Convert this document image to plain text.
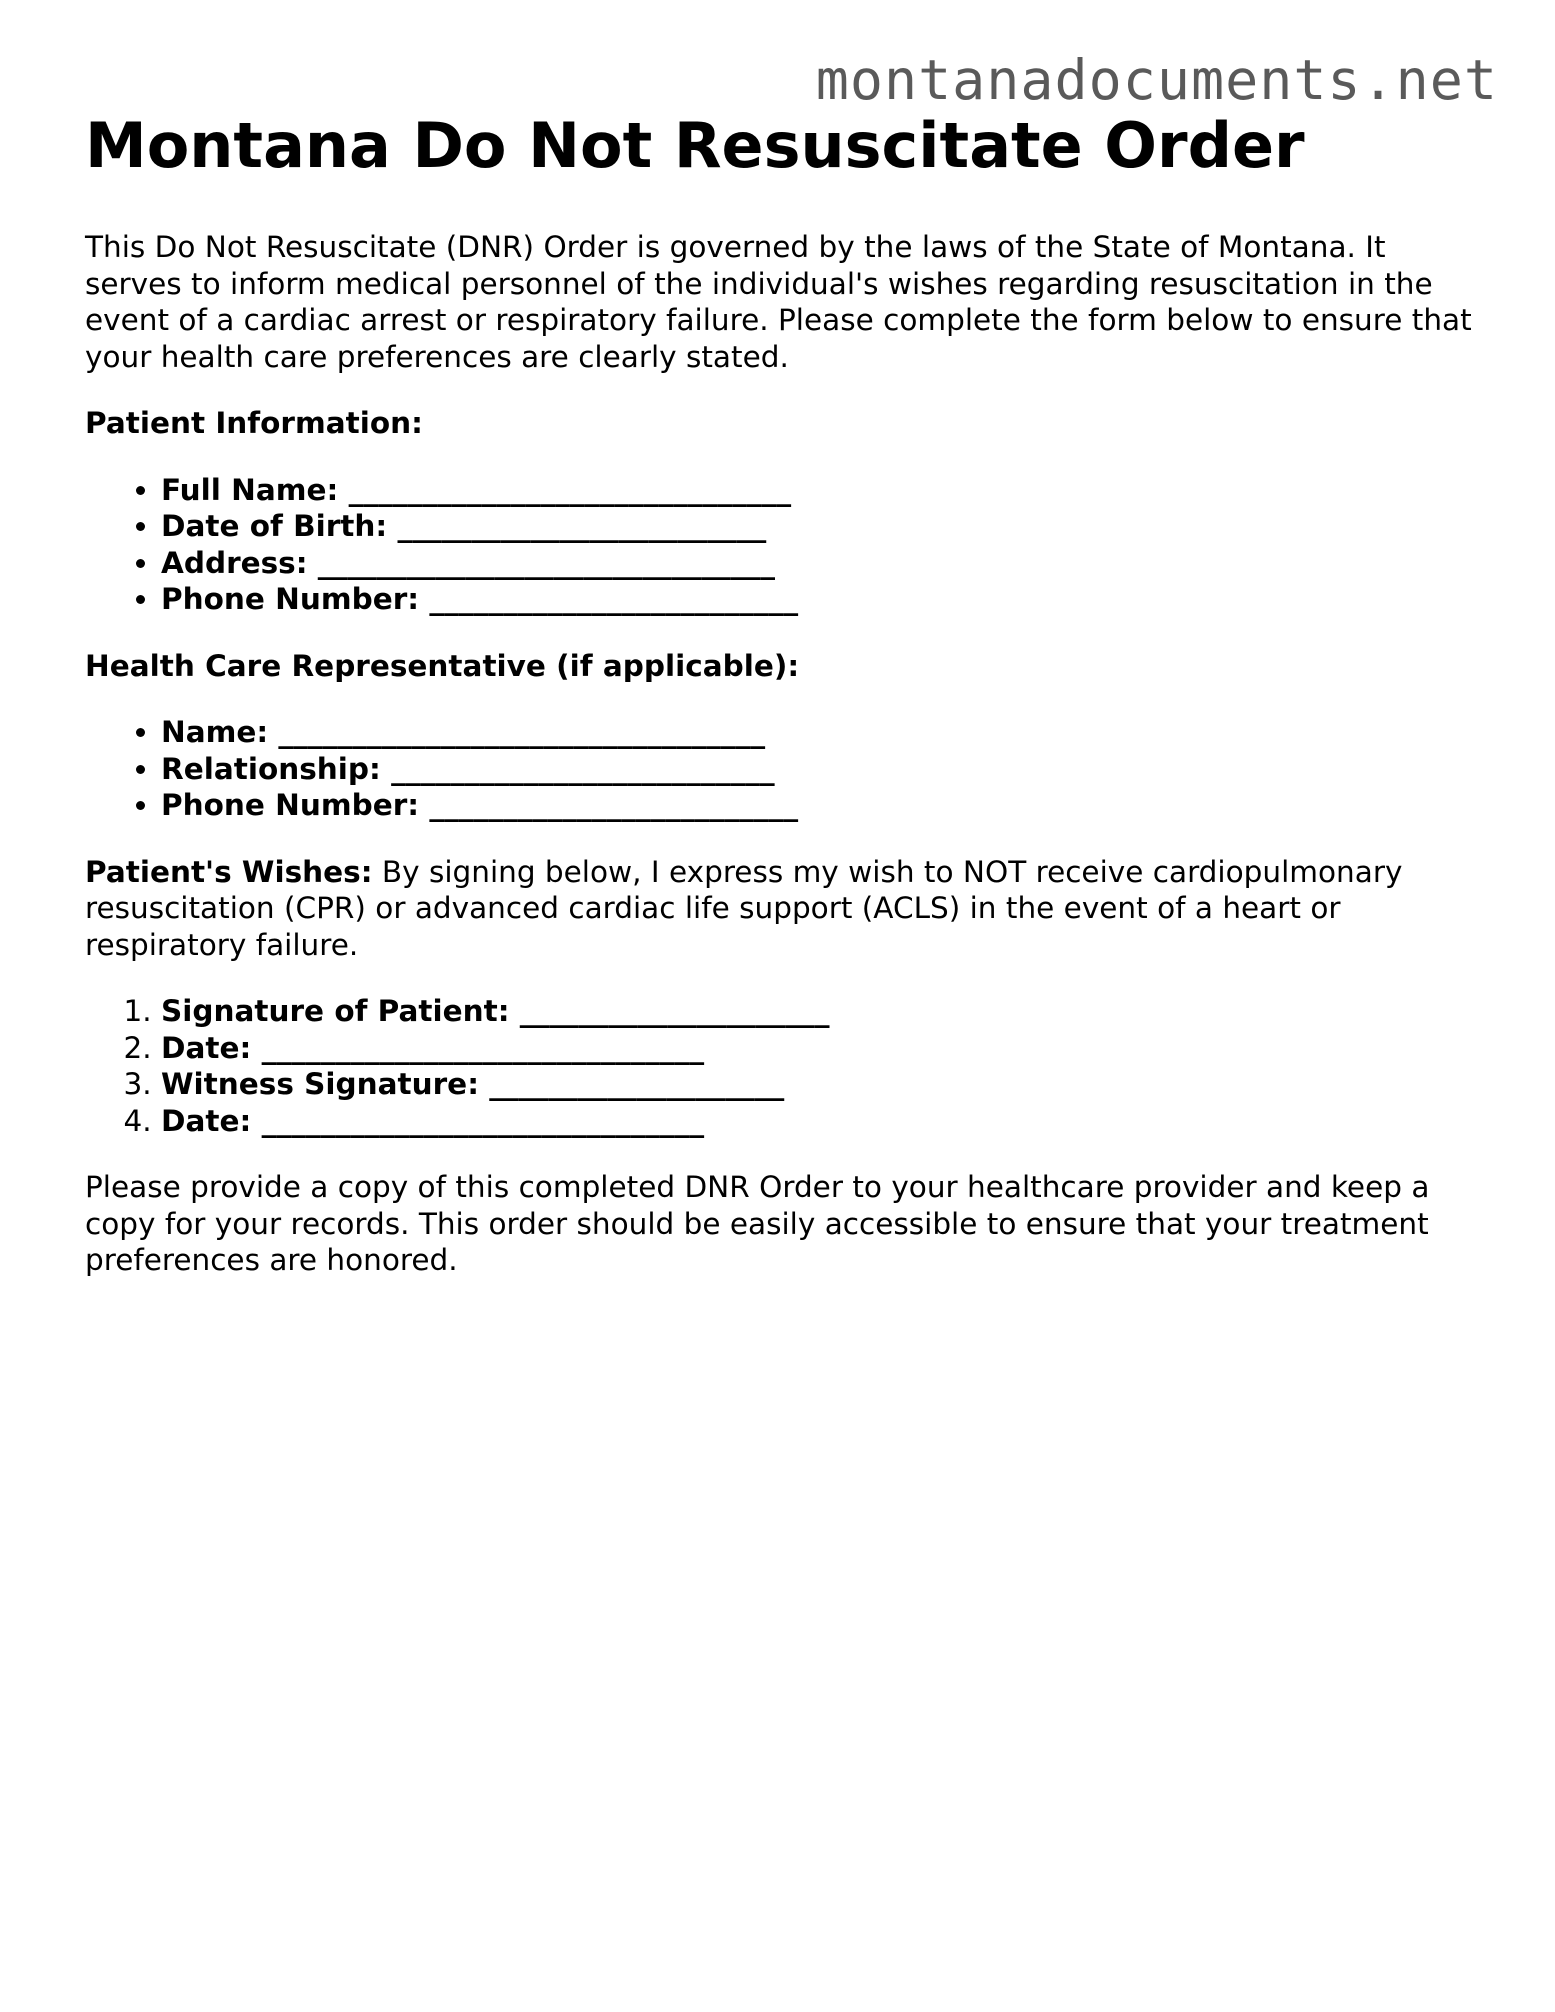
montanadocuments.net
Montana Do Not Resuscitate Order

This Do Not Resuscitate (DNR) Order is governed by the laws of the State of Montana. It serves to inform medical personnel of the individual's wishes regarding resuscitation in the event of a cardiac arrest or respiratory failure. Please complete the form below to ensure that your health care preferences are clearly stated.

Patient Information:

• Full Name: ______________________________
• Date of Birth: _________________________
• Address: _______________________________
• Phone Number: _________________________

Health Care Representative (if applicable):

• Name: _________________________________
• Relationship: __________________________
• Phone Number: _________________________

Patient's Wishes: By signing below, I express my wish to NOT receive cardiopulmonary resuscitation (CPR) or advanced cardiac life support (ACLS) in the event of a heart or respiratory failure.

1. Signature of Patient: _____________________
2. Date: ______________________________
3. Witness Signature: ____________________
4. Date: ______________________________

Please provide a copy of this completed DNR Order to your healthcare provider and keep a copy for your records. This order should be easily accessible to ensure that your treatment preferences are honored.
